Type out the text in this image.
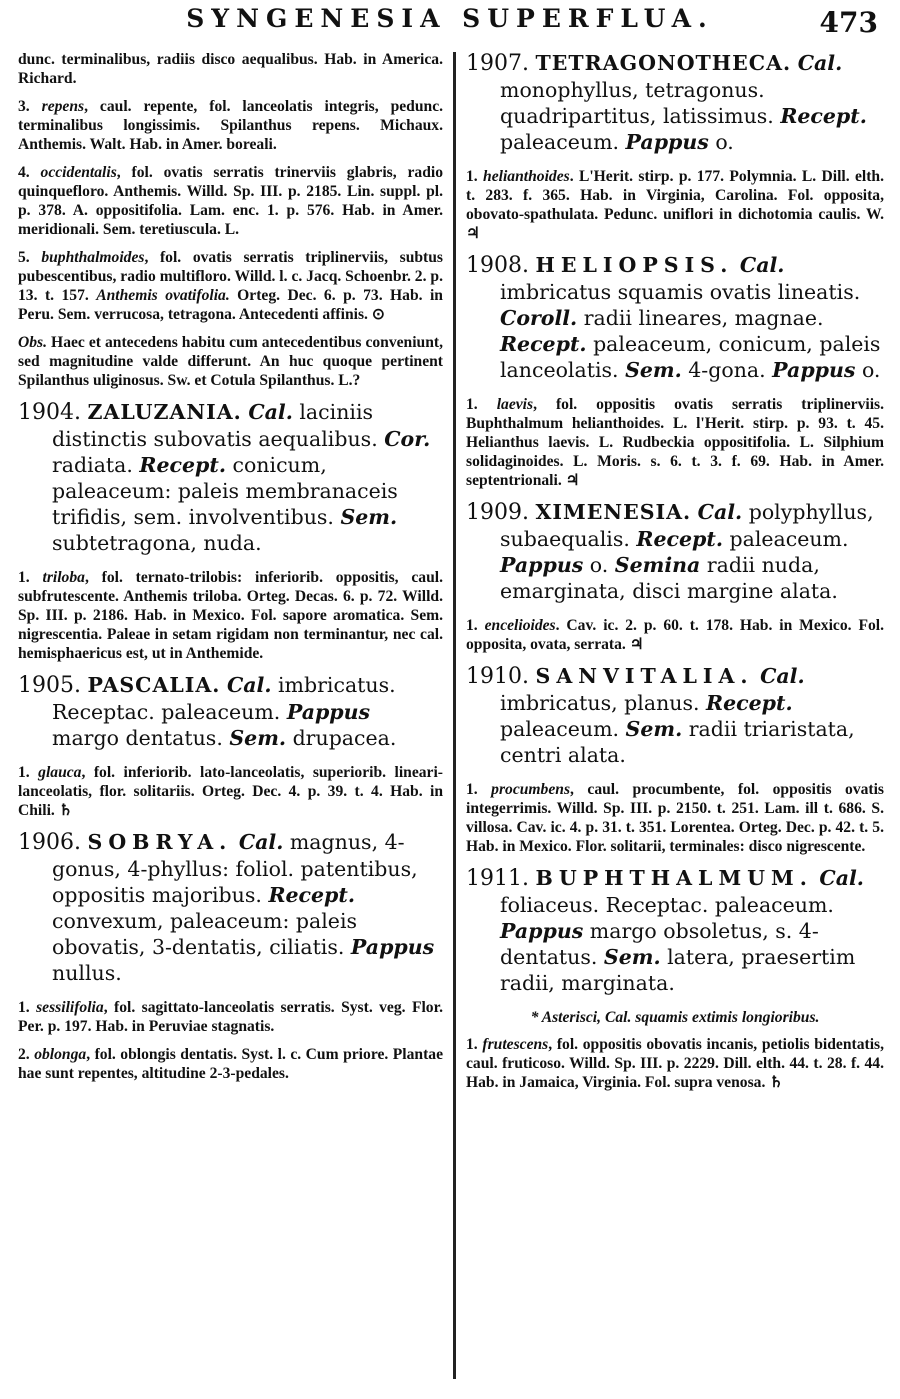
SYNGENESIA SUPERFLUA.	473
dunc. terminalibus, radiis disco aequalibus. Hab. in America. Richard.
3. repens, caul. repente, fol. lanceolatis integris, pedunc. terminalibus longissimis. Spilanthus repens. Michaux. Anthemis. Walt. Hab. in Amer. boreali.
4. occidentalis, fol. ovatis serratis trinerviis glabris, radio quinquefloro. Anthemis. Willd. Sp. III. p. 2185. Lin. suppl. pl. p. 378. A. oppositifolia. Lam. enc. 1. p. 576. Hab. in Amer. meridionali. Sem. teretiuscula. L.
5. buphthalmoides, fol. ovatis serratis triplinerviis, subtus pubescentibus, radio multifloro. Willd. l. c. Jacq. Schoenbr. 2. p. 13. t. 157. Anthemis ovatifolia. Orteg. Dec. 6. p. 73. Hab. in Peru. Sem. verrucosa, tetragona. Antecedenti affinis. ⊙
Obs. Haec et antecedens habitu cum antecedentibus conveniunt, sed magnitudine valde differunt. An huc quoque pertinent Spilanthus uliginosus. Sw. et Cotula Spilanthus. L.?
1904. ZALUZANIA. Cal. laciniis distinctis subovatis aequalibus. Cor. radiata. Recept. conicum, paleaceum: paleis membranaceis trifidis, sem. involventibus. Sem. subtetragona, nuda.
1. triloba, fol. ternato-trilobis: inferiorib. oppositis, caul. subfrutescente. Anthemis triloba. Orteg. Decas. 6. p. 72. Willd. Sp. III. p. 2186. Hab. in Mexico. Fol. sapore aromatica. Sem. nigrescentia. Paleae in setam rigidam non terminantur, nec cal. hemisphaericus est, ut in Anthemide.
1905. PASCALIA. Cal. imbricatus. Receptac. paleaceum. Pappus margo dentatus. Sem. drupacea.
1. glauca, fol. inferiorib. lato-lanceolatis, superiorib. lineari-lanceolatis, flor. solitariis. Orteg. Dec. 4. p. 39. t. 4. Hab. in Chili. ♄
1906. SOBRYA. Cal. magnus, 4-gonus, 4-phyllus: foliol. patentibus, oppositis majoribus. Recept. convexum, paleaceum: paleis obovatis, 3-dentatis, ciliatis. Pappus nullus.
1. sessilifolia, fol. sagittato-lanceolatis serratis. Syst. veg. Flor. Per. p. 197. Hab. in Peruviae stagnatis.
2. oblonga, fol. oblongis dentatis. Syst. l. c. Cum priore. Plantae hae sunt repentes, altitudine 2-3-pedales.
1907. TETRAGONOTHECA. Cal. monophyllus, tetragonus. quadripartitus, latissimus. Recept. paleaceum. Pappus o.
1. helianthoides. L'Herit. stirp. p. 177. Polymnia. L. Dill. elth. t. 283. f. 365. Hab. in Virginia, Carolina. Fol. opposita, obovato-spathulata. Pedunc. uniflori in dichotomia caulis. W. ♃
1908. HELIOPSIS. Cal. imbricatus squamis ovatis lineatis. Coroll. radii lineares, magnae. Recept. paleaceum, conicum, paleis lanceolatis. Sem. 4-gona. Pappus o.
1. laevis, fol. oppositis ovatis serratis triplinerviis. Buphthalmum helianthoides. L. l'Herit. stirp. p. 93. t. 45. Helianthus laevis. L. Rudbeckia oppositifolia. L. Silphium solidaginoides. L. Moris. s. 6. t. 3. f. 69. Hab. in Amer. septentrionali. ♃
1909. XIMENESIA. Cal. polyphyllus, subaequalis. Recept. paleaceum. Pappus o. Semina radii nuda, emarginata, disci margine alata.
1. encelioides. Cav. ic. 2. p. 60. t. 178. Hab. in Mexico. Fol. opposita, ovata, serrata. ♃
1910. SANVITALIA. Cal. imbricatus, planus. Recept. paleaceum. Sem. radii triaristata, centri alata.
1. procumbens, caul. procumbente, fol. oppositis ovatis integerrimis. Willd. Sp. III. p. 2150. t. 251. Lam. ill t. 686. S. villosa. Cav. ic. 4. p. 31. t. 351. Lorentea. Orteg. Dec. p. 42. t. 5. Hab. in Mexico. Flor. solitarii, terminales: disco nigrescente.
1911. BUPHTHALMUM. Cal. foliaceus. Receptac. paleaceum. Pappus margo obsoletus, s. 4-dentatus. Sem. latera, praesertim radii, marginata.
* Asterisci, Cal. squamis extimis longioribus.
1. frutescens, fol. oppositis obovatis incanis, petiolis bidentatis, caul. fruticoso. Willd. Sp. III. p. 2229. Dill. elth. 44. t. 28. f. 44. Hab. in Jamaica, Virginia. Fol. supra venosa. ♄
